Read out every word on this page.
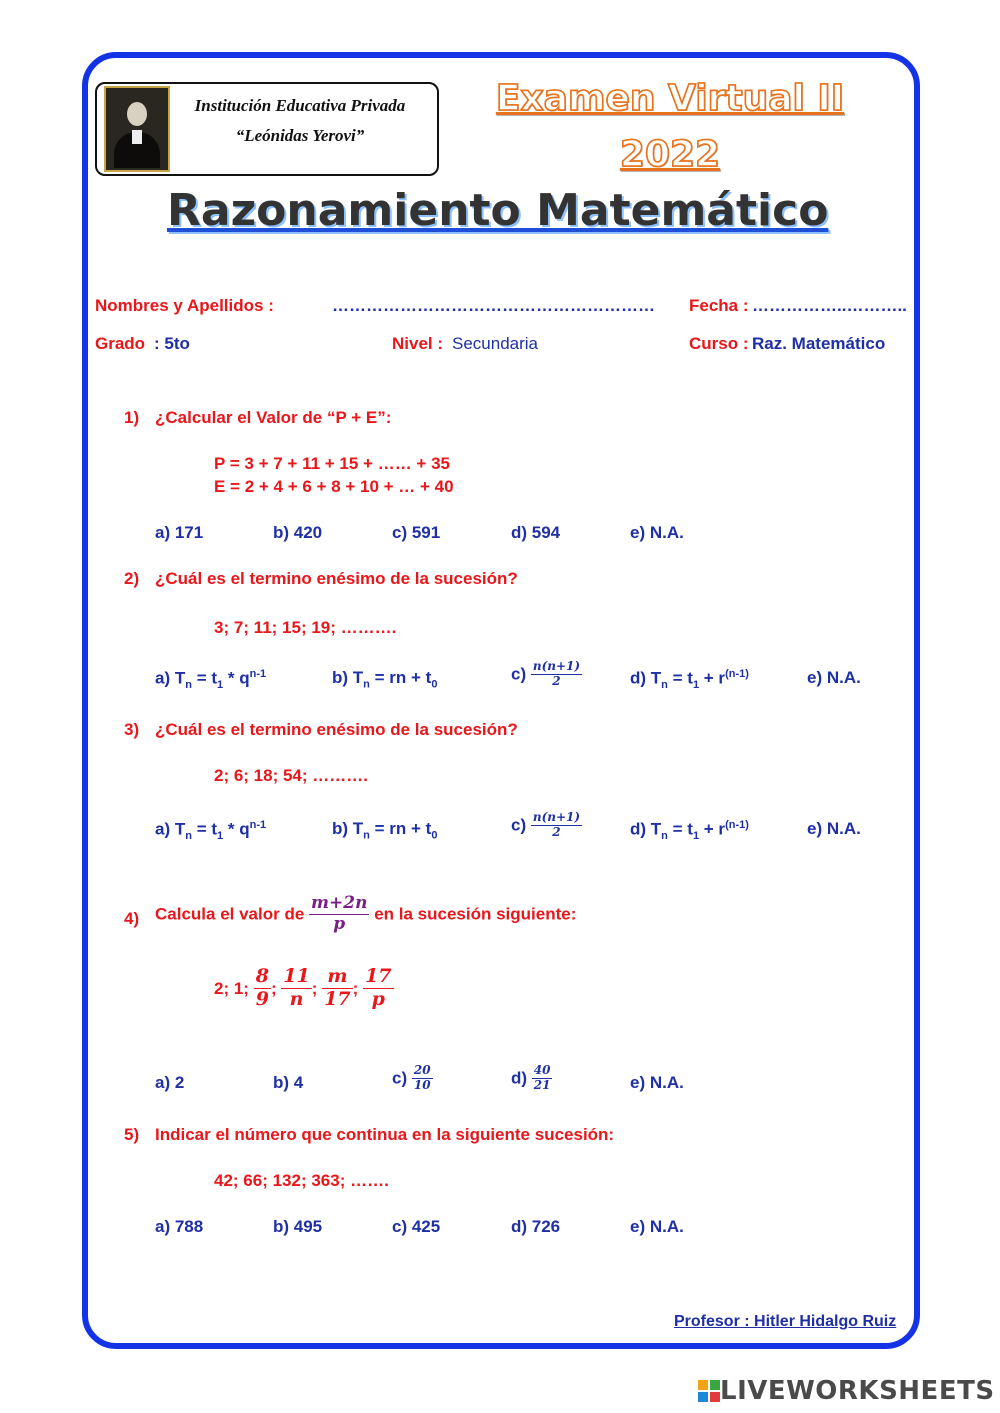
Institución Educativa Privada
“Leónidas Yerovi”
Examen Virtual II
2022
Razonamiento Matemático
Nombres y Apellidos :	………………………………………………… Fecha : ……………..………..
Grado : 5to	Nivel : Secundaria	Curso : Raz. Matemático
1) ¿Calcular el Valor de “P + E”:
P = 3 + 7 + 11 + 15 + …… + 35
E = 2 + 4 + 6 + 8 + 10 + … + 40
a) 171	b) 420	c) 591	d) 594	e) N.A.
2) ¿Cuál es el termino enésimo de la sucesión?
3; 7; 11; 15; 19; ……….
a) $T_n = t_1 * q^{n-1}$	b) $T_n$ = rn + $t_0$
$c) \frac{n(n+1)}{2}$	d) $T_n = t_1 + r^{(n-1)}$	e) N.A.
3) ¿Cuál es el termino enésimo de la sucesión?
2; 6; 18; 54; ……….
a) $T_n = t_1 * q^{n-1}$	b) $T_n$ = rn + $t_0$
$c) \frac{n(n+1)}{2}$	d) $T_n = t_1 + r^{(n-1)}$	e) N.A.
4) Calcula el valor de $\frac{m+2n}{p}$ en la sucesión siguiente:
2; 1; $\frac{8}{9}$ ; $\frac{11}{n}$ ; $\frac{m}{17}$ ; $\frac{17}{p}$
a) 2	b) 4	$c) \frac{20}{10}$	$d) \frac{40}{21}$	e) N.A.
5) Indicar el número que continua en la siguiente sucesión:
42; 66; 132; 363; …….
a) 788	b) 495	c) 425	d) 726	e) N.A.
Profesor : Hitler Hidalgo Ruiz
LIVEWORKSHEETS
